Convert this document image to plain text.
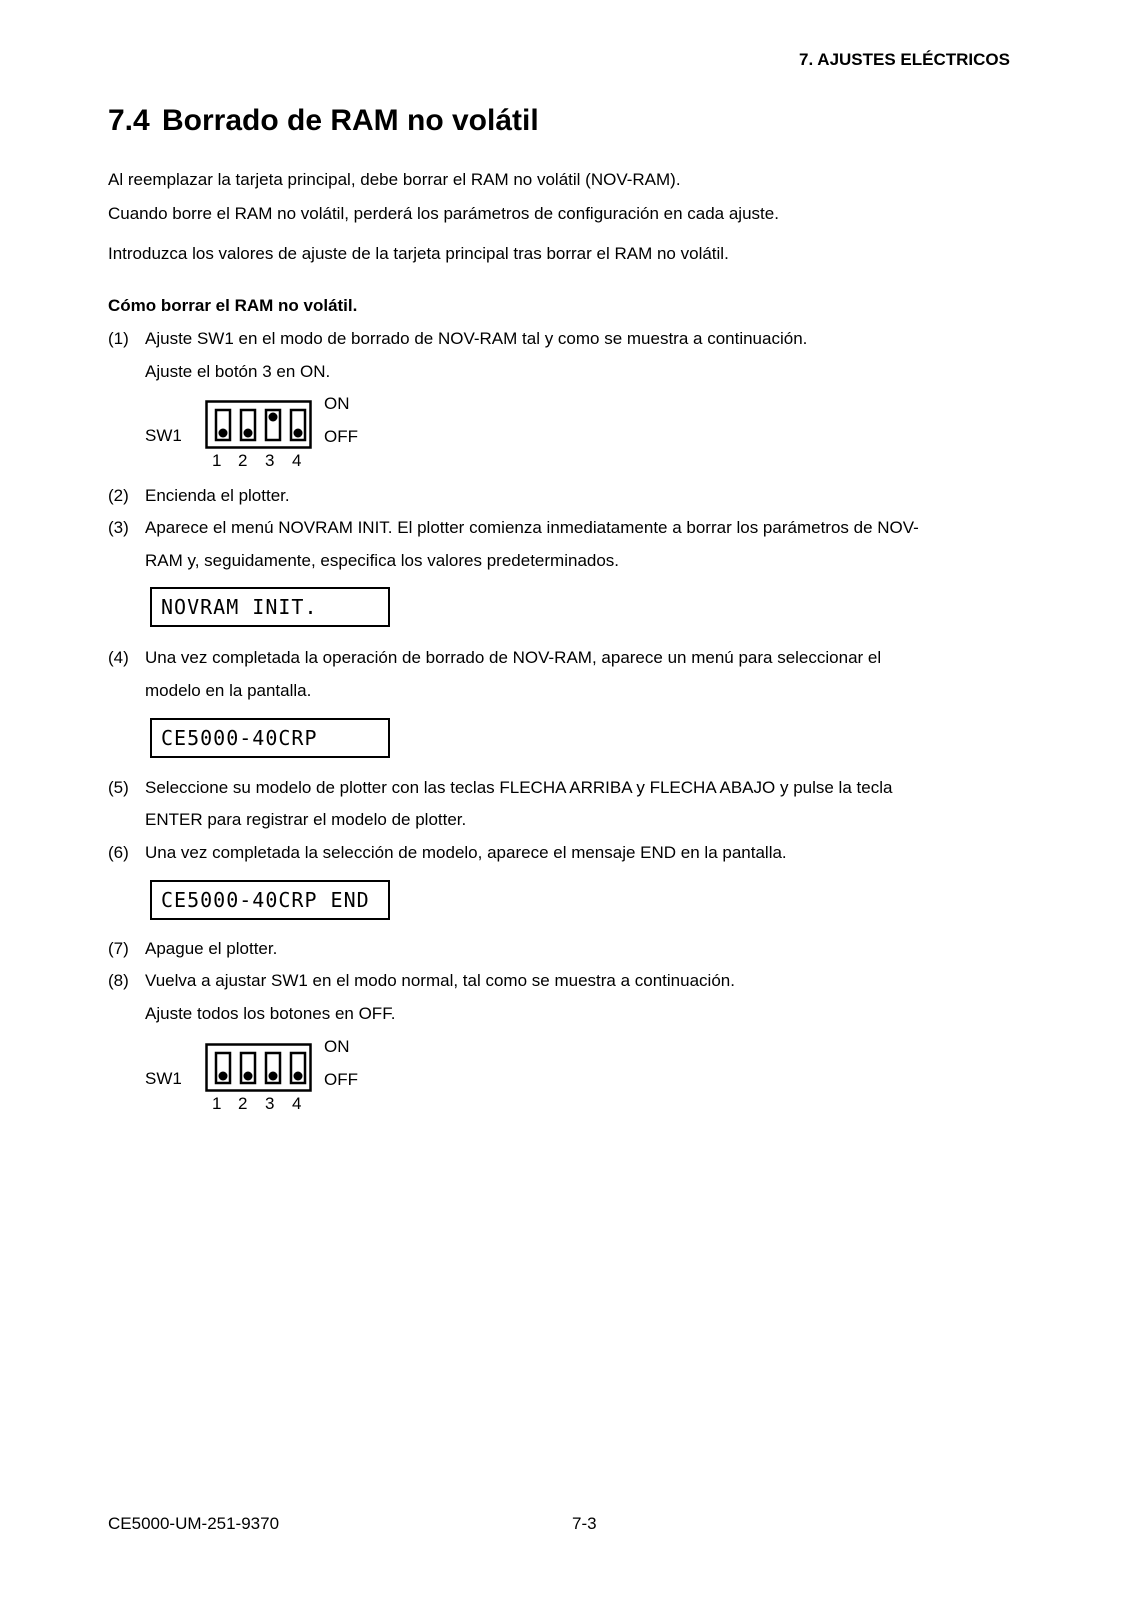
7. AJUSTES ELÉCTRICOS
7.4 Borrado de RAM no volátil
Al reemplazar la tarjeta principal, debe borrar el RAM no volátil (NOV-RAM).
Cuando borre el RAM no volátil, perderá los parámetros de configuración en cada ajuste.
Introduzca los valores de ajuste de la tarjeta principal tras borrar el RAM no volátil.
Cómo borrar el RAM no volátil.
(1) Ajuste SW1 en el modo de borrado de NOV-RAM tal y como se muestra a continuación.
Ajuste el botón 3 en ON.
SW1
ON
OFF
1 2 3 4
(2) Encienda el plotter.
(3) Aparece el menú NOVRAM INIT. El plotter comienza inmediatamente a borrar los parámetros de NOV-
RAM y, seguidamente, especifica los valores predeterminados.
NOVRAM INIT.
(4) Una vez completada la operación de borrado de NOV-RAM, aparece un menú para seleccionar el
modelo en la pantalla.
CE5000-40CRP
(5) Seleccione su modelo de plotter con las teclas FLECHA ARRIBA y FLECHA ABAJO y pulse la tecla
ENTER para registrar el modelo de plotter.
(6) Una vez completada la selección de modelo, aparece el mensaje END en la pantalla.
CE5000-40CRP END
(7) Apague el plotter.
(8) Vuelva a ajustar SW1 en el modo normal, tal como se muestra a continuación.
Ajuste todos los botones en OFF.
SW1
ON
OFF
1 2 3 4
CE5000-UM-251-9370	7-3
